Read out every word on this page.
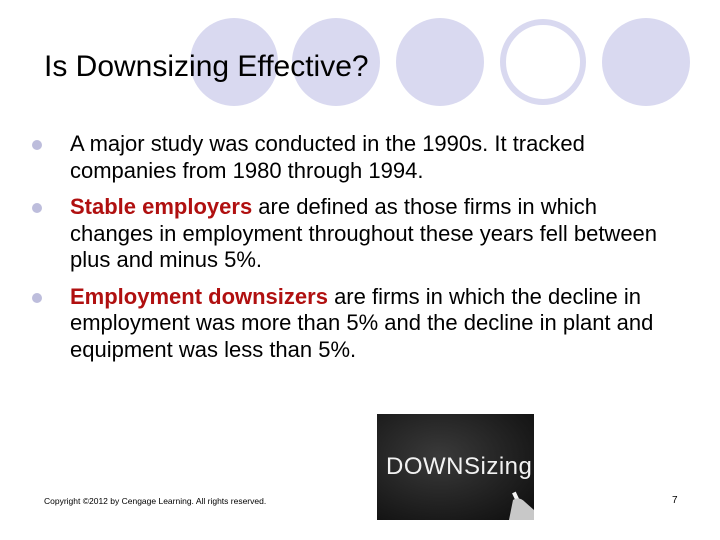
Is Downsizing Effective?
A major study was conducted in the 1990s. It tracked companies from 1980 through 1994.
Stable employers are defined as those firms in which changes in employment throughout these years fell between plus and minus 5%.
Employment downsizers are firms in which the decline in employment was more than 5% and the decline in plant and equipment was less than 5%.
DOWNSizing
Copyright ©2012 by Cengage Learning. All rights reserved.	7
